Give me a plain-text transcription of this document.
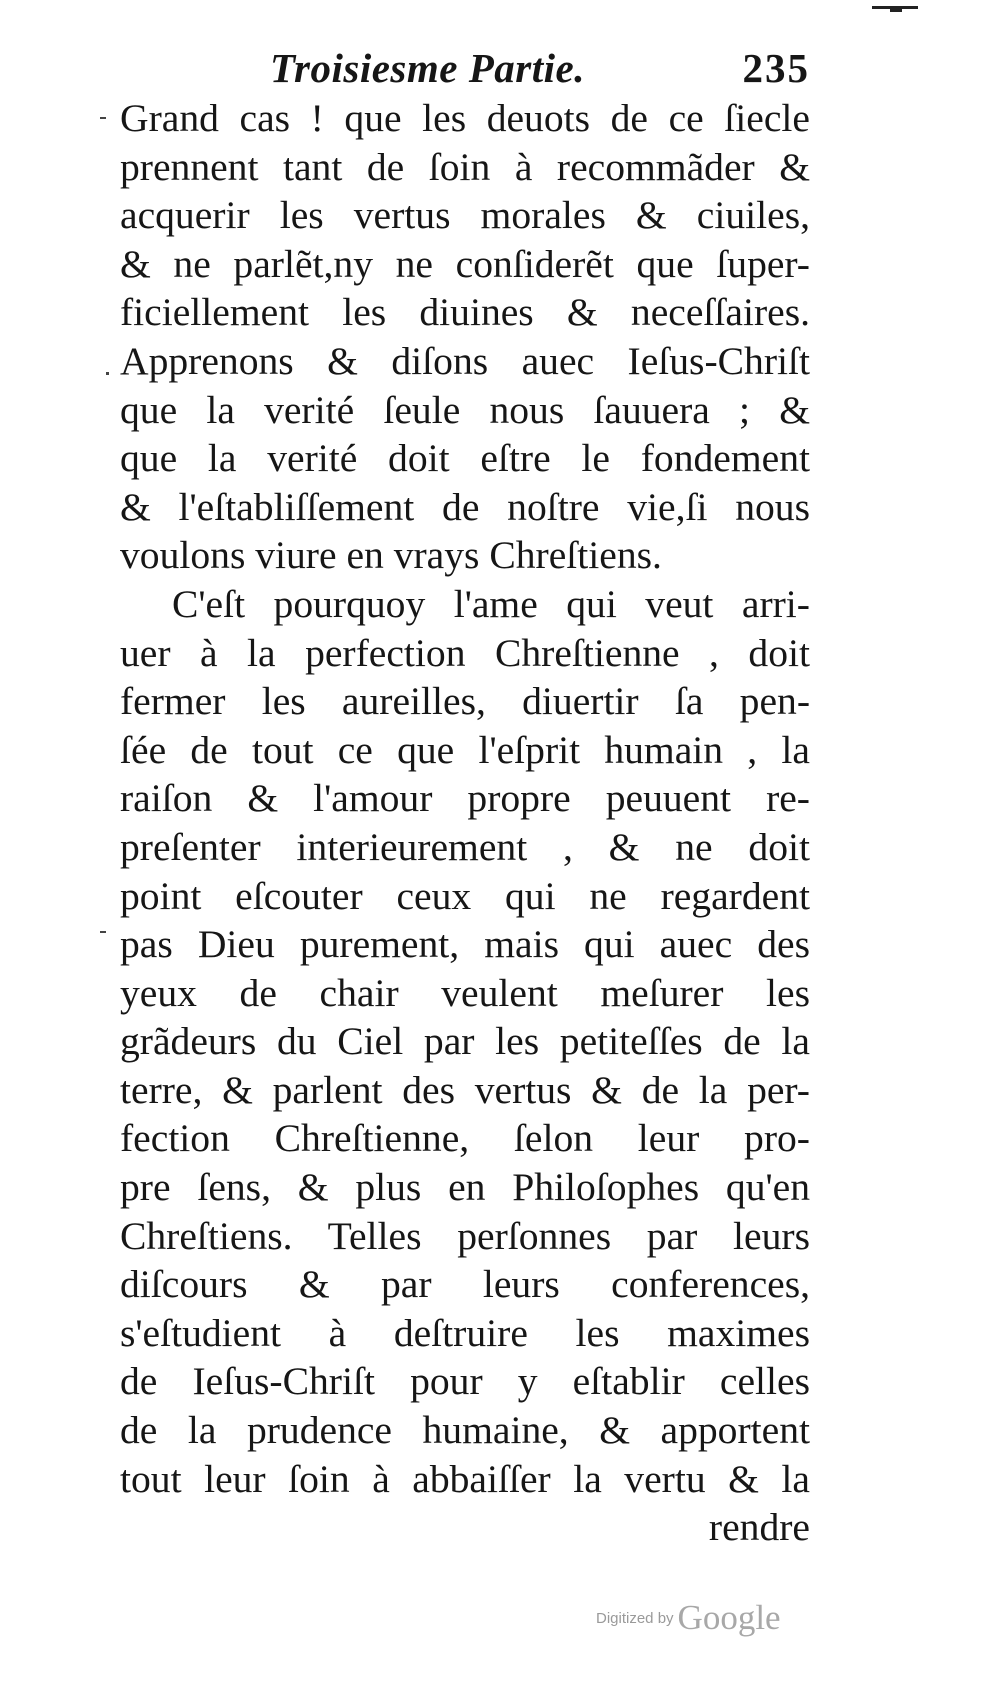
Troisiesme Partie.	235
Grand cas ! que les deuots de ce ſiecle
prennent tant de ſoin à recommãder &
acquerir les vertus morales & ciuiles,
& ne parlẽt,ny ne conſiderẽt que ſuper-
ficiellement les diuines & neceſſaires.
Apprenons & diſons auec Ieſus-Chriſt
que la verité ſeule nous ſauuera ; &
que la verité doit eſtre le fondement
& l'eſtabliſſement de noſtre vie,ſi nous
voulons viure en vrays Chreſtiens.
C'eſt pourquoy l'ame qui veut arri-
uer à la perfection Chreſtienne , doit
fermer les aureilles, diuertir ſa pen-
ſée de tout ce que l'eſprit humain , la
raiſon & l'amour propre peuuent re-
preſenter interieurement , & ne doit
point eſcouter ceux qui ne regardent
pas Dieu purement, mais qui auec des
yeux de chair veulent meſurer les
grãdeurs du Ciel par les petiteſſes de la
terre, & parlent des vertus & de la per-
fection Chreſtienne, ſelon leur pro-
pre ſens, & plus en Philoſophes qu'en
Chreſtiens. Telles perſonnes par leurs
diſcours & par leurs conferences,
s'eſtudient à deſtruire les maximes
de Ieſus-Chriſt pour y eſtablir celles
de la prudence humaine, & apportent
tout leur ſoin à abbaiſſer la vertu & la
rendre
Digitized by Google
